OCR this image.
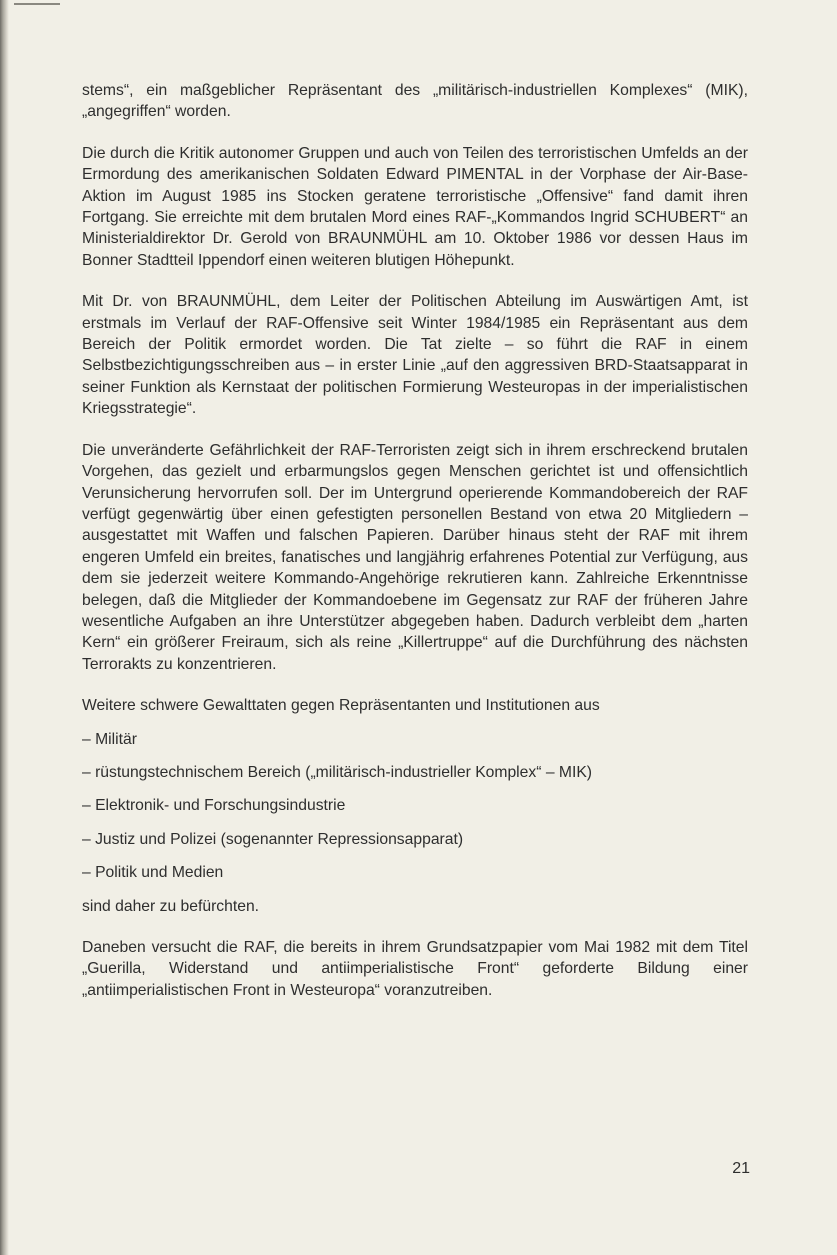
stems“, ein maßgeblicher Repräsentant des „militärisch-industriellen Komplexes“ (MIK), „angegriffen“ worden.

Die durch die Kritik autonomer Gruppen und auch von Teilen des terroristischen Umfelds an der Ermordung des amerikanischen Soldaten Edward PIMENTAL in der Vorphase der Air-Base-Aktion im August 1985 ins Stocken geratene terroristische „Offensive“ fand damit ihren Fortgang. Sie erreichte mit dem brutalen Mord eines RAF-„Kommandos Ingrid SCHUBERT“ an Ministerialdirektor Dr. Gerold von BRAUNMÜHL am 10. Oktober 1986 vor dessen Haus im Bonner Stadtteil Ippendorf einen weiteren blutigen Höhepunkt.

Mit Dr. von BRAUNMÜHL, dem Leiter der Politischen Abteilung im Auswärtigen Amt, ist erstmals im Verlauf der RAF-Offensive seit Winter 1984/1985 ein Repräsentant aus dem Bereich der Politik ermordet worden. Die Tat zielte – so führt die RAF in einem Selbstbezichtigungsschreiben aus – in erster Linie „auf den aggressiven BRD-Staatsapparat in seiner Funktion als Kernstaat der politischen Formierung Westeuropas in der imperialistischen Kriegsstrategie“.

Die unveränderte Gefährlichkeit der RAF-Terroristen zeigt sich in ihrem erschreckend brutalen Vorgehen, das gezielt und erbarmungslos gegen Menschen gerichtet ist und offensichtlich Verunsicherung hervorrufen soll. Der im Untergrund operierende Kommandobereich der RAF verfügt gegenwärtig über einen gefestigten personellen Bestand von etwa 20 Mitgliedern – ausgestattet mit Waffen und falschen Papieren. Darüber hinaus steht der RAF mit ihrem engeren Umfeld ein breites, fanatisches und langjährig erfahrenes Potential zur Verfügung, aus dem sie jederzeit weitere Kommando-Angehörige rekrutieren kann. Zahlreiche Erkenntnisse belegen, daß die Mitglieder der Kommandoebene im Gegensatz zur RAF der früheren Jahre wesentliche Aufgaben an ihre Unterstützer abgegeben haben. Dadurch verbleibt dem „harten Kern“ ein größerer Freiraum, sich als reine „Killertruppe“ auf die Durchführung des nächsten Terrorakts zu konzentrieren.

Weitere schwere Gewalttaten gegen Repräsentanten und Institutionen aus

– Militär

– rüstungstechnischem Bereich („militärisch-industrieller Komplex“ – MIK)

– Elektronik- und Forschungsindustrie

– Justiz und Polizei (sogenannter Repressionsapparat)

– Politik und Medien

sind daher zu befürchten.

Daneben versucht die RAF, die bereits in ihrem Grundsatzpapier vom Mai 1982 mit dem Titel „Guerilla, Widerstand und antiimperialistische Front“ geforderte Bildung einer „antiimperialistischen Front in Westeuropa“ voranzutreiben.

21
